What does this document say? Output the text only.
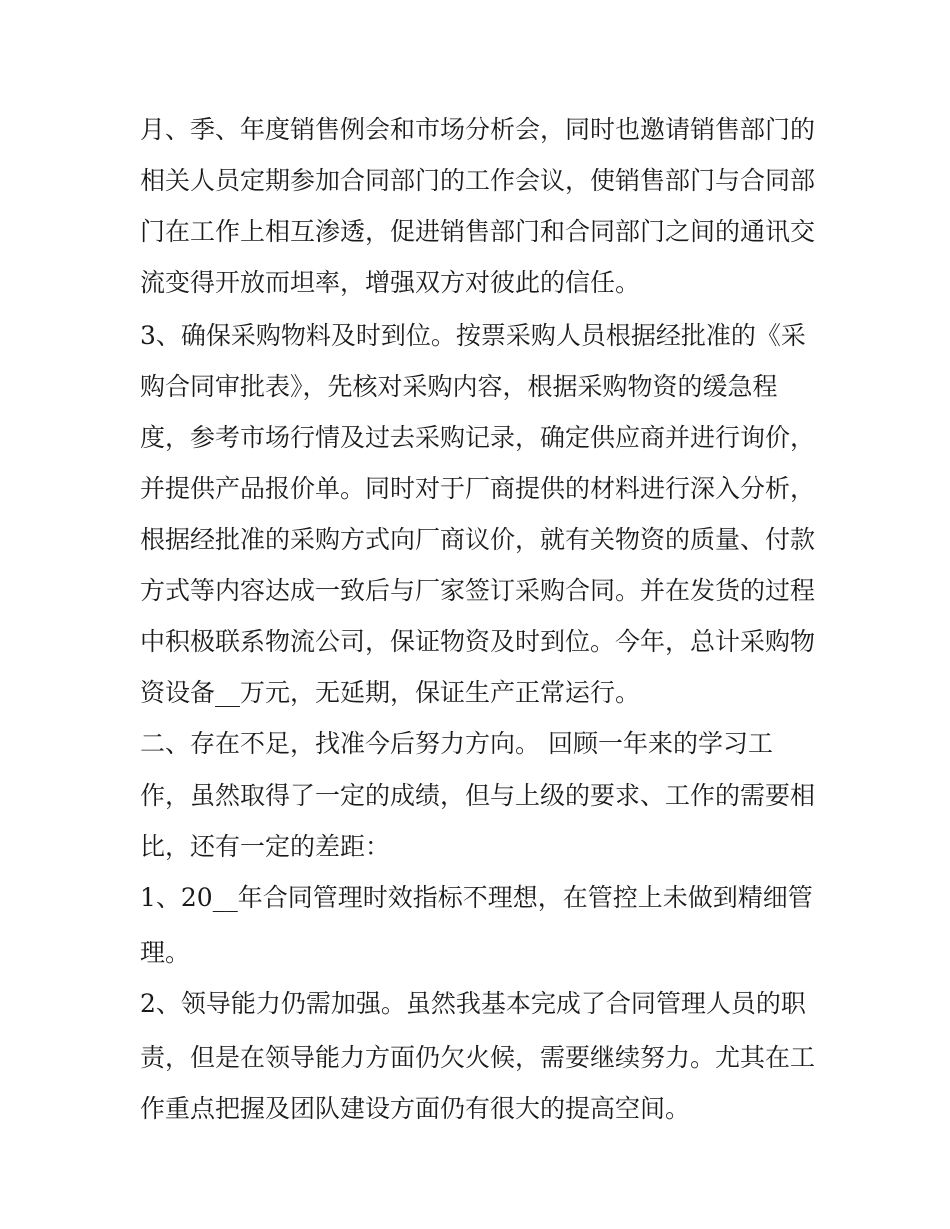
月、季、年度销售例会和市场分析会，同时也邀请销售部门的

相关人员定期参加合同部门的工作会议，使销售部门与合同部

门在工作上相互渗透，促进销售部门和合同部门之间的通讯交

流变得开放而坦率，增强双方对彼此的信任。

3、确保采购物料及时到位。按票采购人员根据经批准的《采

购合同审批表》，先核对采购内容，根据采购物资的缓急程

度，参考市场行情及过去采购记录，确定供应商并进行询价，

并提供产品报价单。同时对于厂商提供的材料进行深入分析，

根据经批准的采购方式向厂商议价，就有关物资的质量、付款

方式等内容达成一致后与厂家签订采购合同。并在发货的过程

中积极联系物流公司，保证物资及时到位。今年，总计采购物

资设备__万元，无延期，保证生产正常运行。

二、存在不足，找准今后努力方向。 回顾一年来的学习工

作，虽然取得了一定的成绩，但与上级的要求、工作的需要相

比，还有一定的差距：

1、20__年合同管理时效指标不理想，在管控上未做到精细管

理。

2、领导能力仍需加强。虽然我基本完成了合同管理人员的职

责，但是在领导能力方面仍欠火候，需要继续努力。尤其在工

作重点把握及团队建设方面仍有很大的提高空间。
